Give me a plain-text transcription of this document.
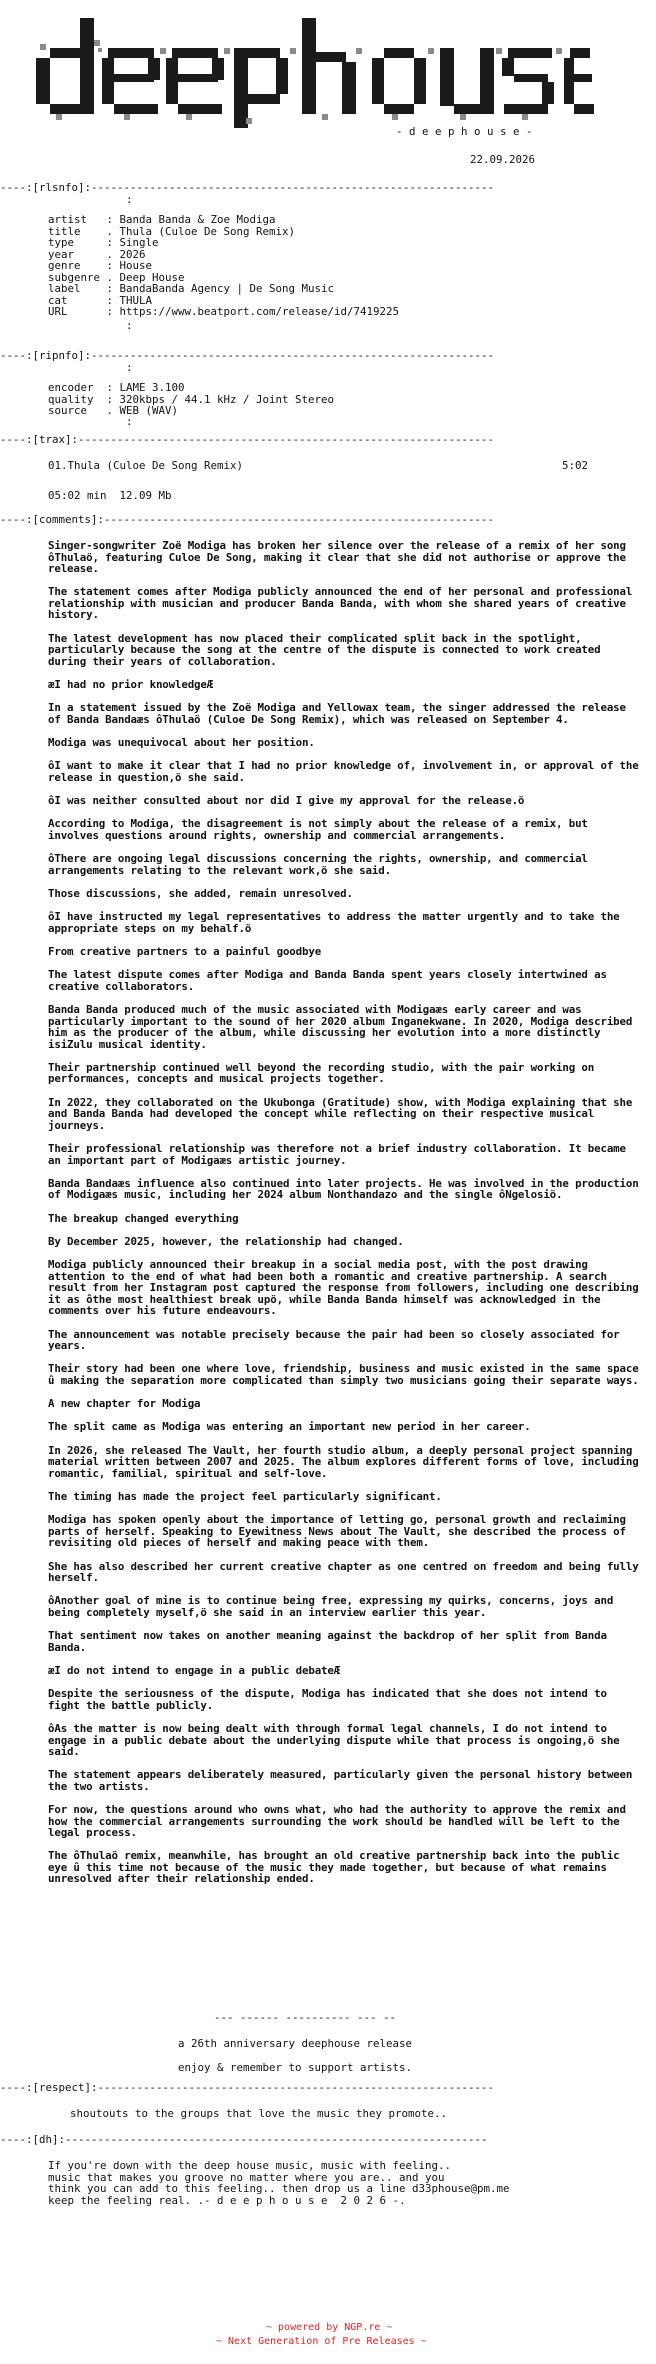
- d e e p h o u s e -
22.09.2026
----:[rlsnfo]:--------------------------------------------------------------
:
artist   : Banda Banda & Zoe Modiga
title    . Thula (Culoe De Song Remix)
type     : Single
year     . 2026
genre    : House
subgenre . Deep House
label    : BandaBanda Agency | De Song Music
cat      : THULA
URL      : https://www.beatport.com/release/id/7419225
:
----:[ripnfo]:--------------------------------------------------------------
:
encoder  : LAME 3.100
quality  : 320kbps / 44.1 kHz / Joint Stereo
source   . WEB (WAV)
:
----:[trax]:----------------------------------------------------------------
01.Thula (Culoe De Song Remix)	5:02
05:02 min  12.09 Mb
----:[comments]:------------------------------------------------------------
Singer-songwriter Zoë Modiga has broken her silence over the release of a remix of her song ôThulaö, featuring Culoe De Song, making it clear that she did not authorise or approve the release.
The statement comes after Modiga publicly announced the end of her personal and professional relationship with musician and producer Banda Banda, with whom she shared years of creative history.
The latest development has now placed their complicated split back in the spotlight, particularly because the song at the centre of the dispute is connected to work created during their years of collaboration.
æI had no prior knowledgeÆ
In a statement issued by the Zoë Modiga and Yellowax team, the singer addressed the release of Banda Bandaæs ôThulaö (Culoe De Song Remix), which was released on September 4.
Modiga was unequivocal about her position.
ôI want to make it clear that I had no prior knowledge of, involvement in, or approval of the release in question,ö she said.
ôI was neither consulted about nor did I give my approval for the release.ö
According to Modiga, the disagreement is not simply about the release of a remix, but involves questions around rights, ownership and commercial arrangements.
ôThere are ongoing legal discussions concerning the rights, ownership, and commercial arrangements relating to the relevant work,ö she said.
Those discussions, she added, remain unresolved.
ôI have instructed my legal representatives to address the matter urgently and to take the appropriate steps on my behalf.ö
From creative partners to a painful goodbye
The latest dispute comes after Modiga and Banda Banda spent years closely intertwined as creative collaborators.
Banda Banda produced much of the music associated with Modigaæs early career and was particularly important to the sound of her 2020 album Inganekwane. In 2020, Modiga described him as the producer of the album, while discussing her evolution into a more distinctly isiZulu musical identity.
Their partnership continued well beyond the recording studio, with the pair working on performances, concepts and musical projects together.
In 2022, they collaborated on the Ukubonga (Gratitude) show, with Modiga explaining that she and Banda Banda had developed the concept while reflecting on their respective musical journeys.
Their professional relationship was therefore not a brief industry collaboration. It became an important part of Modigaæs artistic journey.
Banda Bandaæs influence also continued into later projects. He was involved in the production of Modigaæs music, including her 2024 album Nonthandazo and the single ôNgelosiö.
The breakup changed everything
By December 2025, however, the relationship had changed.
Modiga publicly announced their breakup in a social media post, with the post drawing attention to the end of what had been both a romantic and creative partnership. A search result from her Instagram post captured the response from followers, including one describing it as ôthe most healthiest break upö, while Banda Banda himself was acknowledged in the comments over his future endeavours.
The announcement was notable precisely because the pair had been so closely associated for years.
Their story had been one where love, friendship, business and music existed in the same space û making the separation more complicated than simply two musicians going their separate ways.
A new chapter for Modiga
The split came as Modiga was entering an important new period in her career.
In 2026, she released The Vault, her fourth studio album, a deeply personal project spanning material written between 2007 and 2025. The album explores different forms of love, including romantic, familial, spiritual and self-love.
The timing has made the project feel particularly significant.
Modiga has spoken openly about the importance of letting go, personal growth and reclaiming parts of herself. Speaking to Eyewitness News about The Vault, she described the process of revisiting old pieces of herself and making peace with them.
She has also described her current creative chapter as one centred on freedom and being fully herself.
ôAnother goal of mine is to continue being free, expressing my quirks, concerns, joys and being completely myself,ö she said in an interview earlier this year.
That sentiment now takes on another meaning against the backdrop of her split from Banda Banda.
æI do not intend to engage in a public debateÆ
Despite the seriousness of the dispute, Modiga has indicated that she does not intend to fight the battle publicly.
ôAs the matter is now being dealt with through formal legal channels, I do not intend to engage in a public debate about the underlying dispute while that process is ongoing,ö she said.
The statement appears deliberately measured, particularly given the personal history between the two artists.
For now, the questions around who owns what, who had the authority to approve the remix and how the commercial arrangements surrounding the work should be handled will be left to the legal process.
The ôThulaö remix, meanwhile, has brought an old creative partnership back into the public eye û this time not because of the music they made together, but because of what remains unresolved after their relationship ended.
--- ------ ---------- --- --
a 26th anniversary deephouse release
enjoy & remember to support artists.
----:[respect]:-------------------------------------------------------------
shoutouts to the groups that love the music they promote..
----:[dh]:-----------------------------------------------------------------
If you're down with the deep house music, music with feeling..
music that makes you groove no matter where you are.. and you
think you can add to this feeling.. then drop us a line d33phouse@pm.me
keep the feeling real. .- d e e p h o u s e  2 0 2 6 -.
~ powered by NGP.re ~
~ Next Generation of Pre Releases ~
